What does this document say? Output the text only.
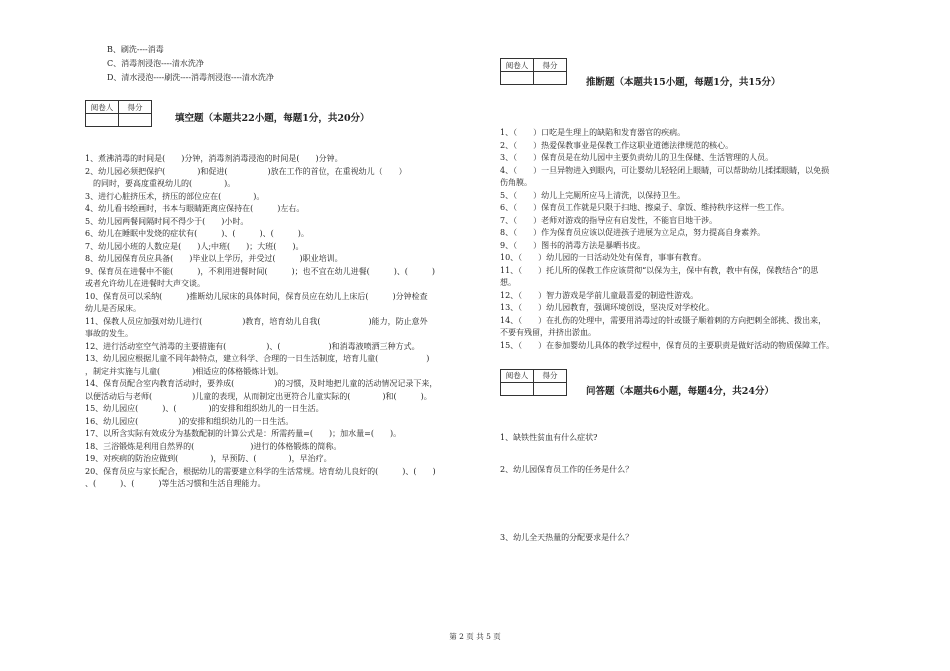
B、刷洗----消毒
C、消毒剂浸泡----清水洗净
D、清水浸泡----刷洗----消毒剂浸泡----清水洗净
阅卷人	得分

填空题（本题共22小题，每题1分，共20分）
1、煮沸消毒的时间是(　　)分钟，消毒剂消毒浸泡的时间是(　　)分钟。
2、幼儿园必须把保护(　　　　)和促进(　　　　　)放在工作的首位，在重视幼儿（　　）
　的同时，要高度重视幼儿的(　　　　)。
3、进行心脏挤压术，挤压的部位应在(　　　　)。
4、幼儿看书绘画时，书本与眼睛距离应保持在(　　　)左右。
5、幼儿园两餐间隔时间不得少于(　　)小时。
6、幼儿在睡眠中发烧的症状有(　　　)、(　　　)、(　　　)。
7、幼儿园小班的人数应是(　　)人;中班(　　)；大班(　　)。
8、幼儿园保育员应具备(　　)毕业以上学历，并受过(　　　)职业培训。
9、保育员在进餐中不能(　　　)，不利用进餐时间(　　　)；也不宜在幼儿进餐(　　　)、(　　　)
或者允许幼儿在进餐时大声交谈。
10、保育员可以采纳(　　　)推断幼儿尿床的具体时间，保育员应在幼儿上床后(　　　)分钟检查
幼儿是否尿床。
11、保教人员应加强对幼儿进行(　　　　　)教育，培育幼儿自我(　　　　　　)能力，防止意外
事故的发生。
12、进行活动室空气消毒的主要措施有(　　　　　)、(　　　　　　)和消毒液喷洒三种方式。
13、幼儿园应根据儿童不同年龄特点，建立科学、合理的一日生活制度，培育儿童(　　　　　　)
，制定并实施与儿童(　　　　)相适应的体格锻炼计划。
14、保育员配合室内教育活动时，要养成(　　　　　)的习惯，及时地把儿童的活动情况记录下来，
以便活动后与老师(　　　　　)儿童的表现，从而制定出更符合儿童实际的(　　　　)和(　　　)。
15、幼儿园应(　　　)、(　　　　)的安排和组织幼儿的一日生活。
16、幼儿园应(　　　　　)的安排和组织幼儿的一日生活。
17、以所含实际有效成分为基数配制的计算公式是：所需药量=(　　)；加水量=(　　)。
18、三浴锻炼是利用自然界的(　　　　　　　)进行的体格锻炼的简称。
19、对疾病的防治应做到(　　　　)，早预防、(　　　　)，早治疗。
20、保育员应与家长配合，根据幼儿的需要建立科学的生活常规。培育幼儿良好的(　　　)、(　　)
、(　　　)、(　　　)等生活习惯和生活自理能力。
阅卷人	得分

推断题（本题共15小题，每题1分，共15分）
1、（　　）口吃是生理上的缺陷和发育器官的疾病。
2、（　　）热爱保教事业是保教工作这职业道德法律规范的核心。
3、（　　）保育员是在幼儿园中主要负责幼儿的卫生保健、生活管理的人员。
4、（　　）一旦异物进入到眼内，可让婴幼儿轻轻闭上眼睛，可以帮助幼儿揉揉眼睛，以免损
伤角膜。
5、（　　）幼儿上完厕所应马上清洗，以保持卫生。
6、（　　）保育员工作就是只限于扫地、擦桌子、拿饭、维持秩序这样一些工作。
7、（　　）老师对游戏的指导应有启发性，不能盲目地干涉。
8、（　　）作为保育员应该以促进孩子进展为立足点，努力提高自身素养。
9、（　　）图书的消毒方法是暴晒书皮。
10、（　　）幼儿园的一日活动处处有保育，事事有教育。
11、（　　）托儿所的保教工作应该贯彻“以保为主，保中有教，教中有保，保教结合”的思
想。
12、（　　）智力游戏是学前儿童最喜爱的制造性游戏。
13、（　　）幼儿园教育，强调环境创设，坚决反对学校化。
14、（　　）在扎伤的处理中，需要用消毒过的针或镊子顺着刺的方向把刺全部挑、拨出来，
不要有残留，并挤出淤血。
15、（　　）在参加婴幼儿具体的教学过程中，保育员的主要职责是做好活动的物质保障工作。
阅卷人	得分

问答题（本题共6小题，每题4分，共24分）
1、缺铁性贫血有什么症状?
2、幼儿园保育员工作的任务是什么？
3、幼儿全天热量的分配要求是什么？
第 2 页 共 5 页
